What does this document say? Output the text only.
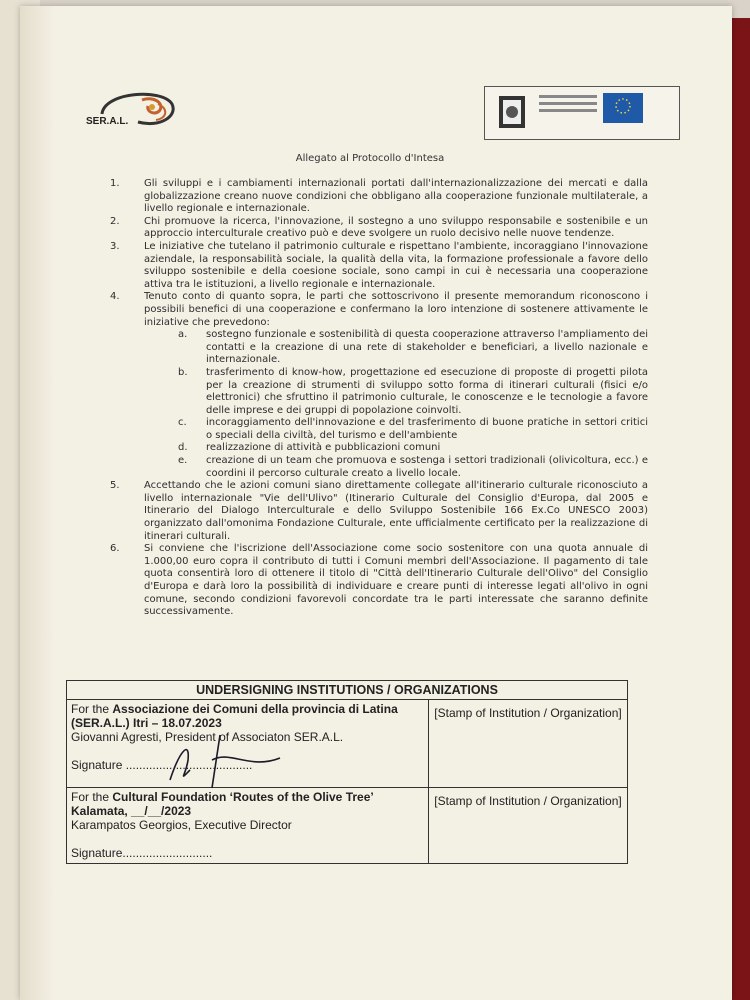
SER.A.L.
Allegato al Protocollo d'Intesa
1. Gli sviluppi e i cambiamenti internazionali portati dall'internazionalizzazione dei mercati e dalla globalizzazione creano nuove condizioni che obbligano alla cooperazione funzionale multilaterale, a livello regionale e internazionale.
2. Chi promuove la ricerca, l'innovazione, il sostegno a uno sviluppo responsabile e sostenibile e un approccio interculturale creativo può e deve svolgere un ruolo decisivo nelle nuove tendenze.
3. Le iniziative che tutelano il patrimonio culturale e rispettano l'ambiente, incoraggiano l'innovazione aziendale, la responsabilità sociale, la qualità della vita, la formazione professionale a favore dello sviluppo sostenibile e della coesione sociale, sono campi in cui è necessaria una cooperazione attiva tra le istituzioni, a livello regionale e internazionale.
4. Tenuto conto di quanto sopra, le parti che sottoscrivono il presente memorandum riconoscono i possibili benefici di una cooperazione e confermano la loro intenzione di sostenere attivamente le iniziative che prevedono:
a.	sostegno funzionale e sostenibilità di questa cooperazione attraverso l'ampliamento dei contatti e la creazione di una rete di stakeholder e beneficiari, a livello nazionale e internazionale.
b.	trasferimento di know-how, progettazione ed esecuzione di proposte di progetti pilota per la creazione di strumenti di sviluppo sotto forma di itinerari culturali (fisici e/o elettronici) che sfruttino il patrimonio culturale, le conoscenze e le tecnologie a favore delle imprese e dei gruppi di popolazione coinvolti.
c.	incoraggiamento dell'innovazione e del trasferimento di buone pratiche in settori critici o speciali della civiltà, del turismo e dell'ambiente
d.	realizzazione di attività e pubblicazioni comuni
e.	creazione di un team che promuova e sostenga i settori tradizionali (olivicoltura, ecc.) e coordini il percorso culturale creato a livello locale.
5. Accettando che le azioni comuni siano direttamente collegate all'itinerario culturale riconosciuto a livello internazionale "Vie dell'Ulivo" (Itinerario Culturale del Consiglio d'Europa, dal 2005 e Itinerario del Dialogo Interculturale e dello Sviluppo Sostenibile 166 Ex.Co UNESCO 2003) organizzato dall'omonima Fondazione Culturale, ente ufficialmente certificato per la realizzazione di itinerari culturali.
6. Si conviene che l'iscrizione dell'Associazione come socio sostenitore con una quota annuale di 1.000,00 euro copra il contributo di tutti i Comuni membri dell'Associazione. Il pagamento di tale quota consentirà loro di ottenere il titolo di "Città dell'Itinerario Culturale dell'Olivo" del Consiglio d'Europa e darà loro la possibilità di individuare e creare punti di interesse legati all'olivo in ogni comune, secondo condizioni favorevoli concordate tra le parti interessate che saranno definite successivamente.
UNDERSIGNING INSTITUTIONS / ORGANIZATIONS	
For the Associazione dei Comuni della provincia di Latina (SER.A.L.) Itri – 18.07.2023
Giovanni Agresti, President of Associaton SER.A.L.
Signature ......................................	[Stamp of Institution / Organization]
For the Cultural Foundation ‘Routes of the Olive Tree’
Kalamata, __/__/2023
Karampatos Georgios, Executive Director
Signature...........................	[Stamp of Institution / Organization]
